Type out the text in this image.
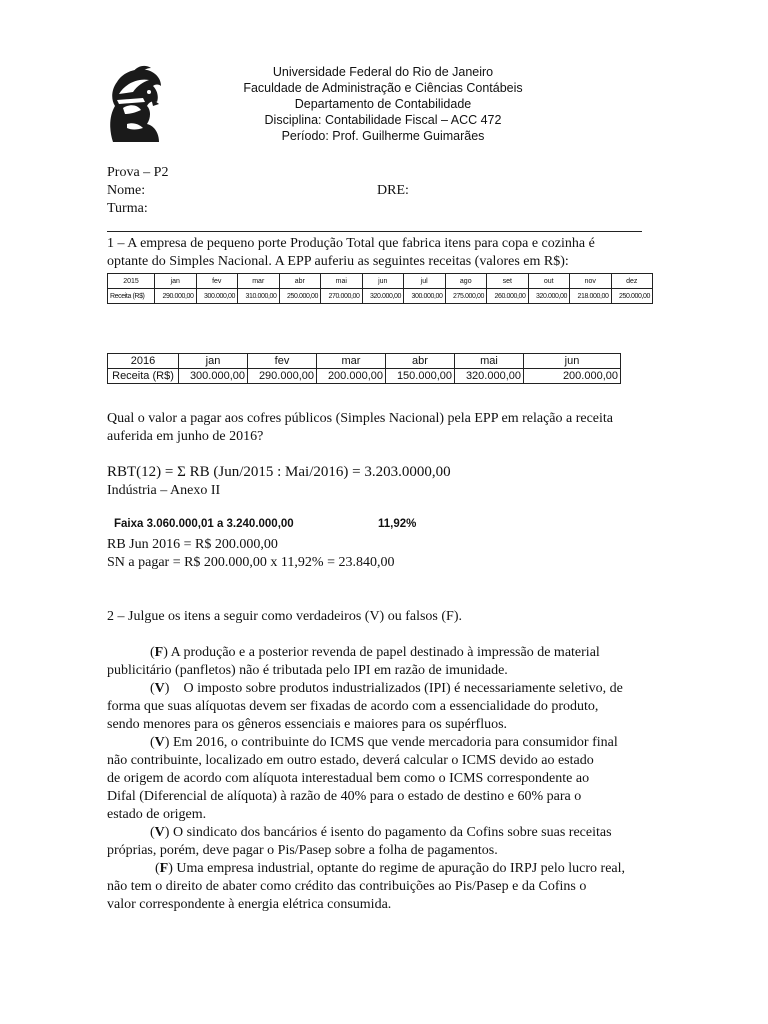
Universidade Federal do Rio de Janeiro
Faculdade de Administração e Ciências Contábeis
Departamento de Contabilidade
Disciplina: Contabilidade Fiscal – ACC 472
Período: Prof. Guilherme Guimarães
Prova – P2
Nome:	DRE:
Turma:
1 – A empresa de pequeno porte Produção Total que fabrica itens para copa e cozinha é
optante do Simples Nacional. A EPP auferiu as seguintes receitas (valores em R$):
2015	jan	fev	mar	abr	mai	jun	jul	ago	set	out	nov	dez
Receita (R$)	290.000,00	300.000,00	310.000,00	250.000,00	270.000,00	320.000,00	300.000,00	275.000,00	260.000,00	320.000,00	218.000,00	250.000,00
2016	jan	fev	mar	abr	mai	jun
Receita (R$)	300.000,00	290.000,00	200.000,00	150.000,00	320.000,00	200.000,00
Qual o valor a pagar aos cofres públicos (Simples Nacional) pela EPP em relação a receita
auferida em junho de 2016?
RBT(12) = Σ RB (Jun/2015 : Mai/2016) = 3.203.0000,00
Indústria – Anexo II
Faixa 3.060.000,01 a 3.240.000,00	11,92%
RB Jun 2016 = R$ 200.000,00
SN a pagar = R$ 200.000,00 x 11,92% = 23.840,00
2 – Julgue os itens a seguir como verdadeiros (V) ou falsos (F).
(F) A produção e a posterior revenda de papel destinado à impressão de material
publicitário (panfletos) não é tributada pelo IPI em razão de imunidade.
(V)    O imposto sobre produtos industrializados (IPI) é necessariamente seletivo, de
forma que suas alíquotas devem ser fixadas de acordo com a essencialidade do produto,
sendo menores para os gêneros essenciais e maiores para os supérfluos.
(V) Em 2016, o contribuinte do ICMS que vende mercadoria para consumidor final
não contribuinte, localizado em outro estado, deverá calcular o ICMS devido ao estado
de origem de acordo com alíquota interestadual bem como o ICMS correspondente ao
Difal (Diferencial de alíquota) à razão de 40% para o estado de destino e 60% para o
estado de origem.
(V) O sindicato dos bancários é isento do pagamento da Cofins sobre suas receitas
próprias, porém, deve pagar o Pis/Pasep sobre a folha de pagamentos.
(F) Uma empresa industrial, optante do regime de apuração do IRPJ pelo lucro real,
não tem o direito de abater como crédito das contribuições ao Pis/Pasep e da Cofins o
valor correspondente à energia elétrica consumida.
